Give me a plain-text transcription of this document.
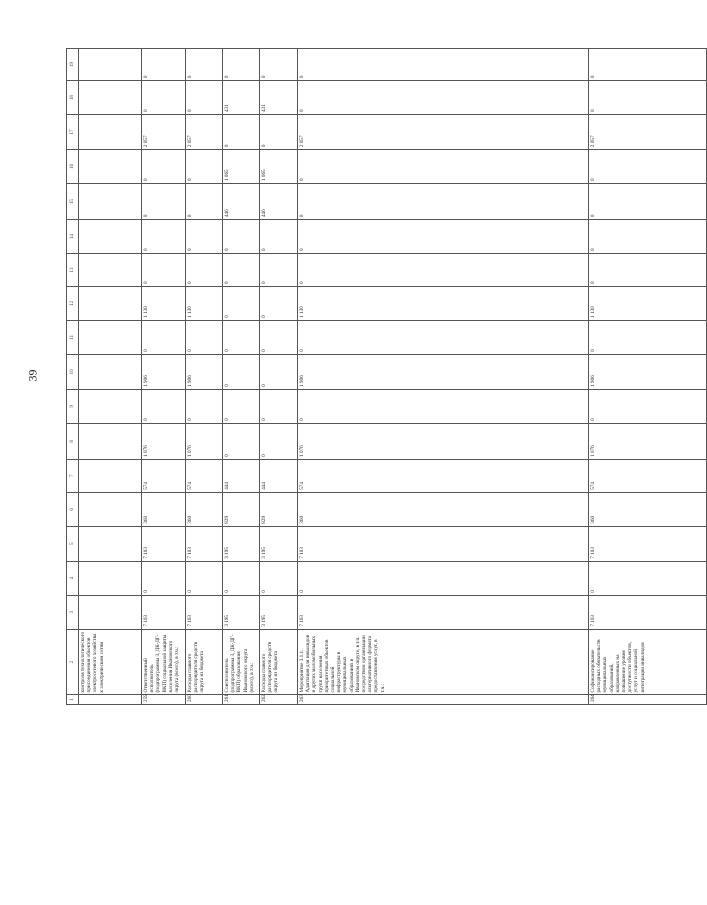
39
1	2	3	4	5	6	7	8	9	10	11	12	13	14	15	16	17	18	19
	контроля технологического присоединения объектов электросетевого хозяйства к электрическим сетям																	
259	Ответственный исполнитель (подпрограммы 3, ДК-ДГ-ВКП) социальной защиты населения Ивановского округа (всего), в т.ч.:	7 103	0	7 103	360	574	1 076	0	1 906	0	1 130	0	0	0	0	2 057	0	0
260	Расходы главного распорядителя средств округа из бюджета	7 103	0	7 103	360	574	1 076	0	1 906	0	1 130	0	0	0	0	2 057	0	0
261	Соисполнитель (подпрограммы 3, ДК-ДГ-ВКП) образования Ивановского округа (всего), в т.ч.:	3 195	0	3 195	829	444	0	0	0	0	0	0	0	446	1 065	0	431	0
262	Расходы главного распорядителя средств округа из бюджета	3 195	0	3 195	829	444	0	0	0	0	0	0	0	446	1 065	0	431	0
263	Мероприятие 3.1.1. Адаптация для инвалидов и других маломобильных групп населения приоритетных объектов социальной инфраструктуры в муниципальных образованиях в Ивановском округе, в т.ч. посредством организации альтернативного формата предоставления услуг, в т.ч.:	7 103	0	7 103	360	574	1 076	0	1 906	0	1 130	0	0	0	0	2 057	0	0
264	Софинансирование расходных обязательств муниципальных образований, направленных на повышение уровня доступности объектов, услуг и социальной интеграции инвалидов	7 103	0	7 103	360	574	1 076	0	1 906	0	1 130	0	0	0	0	2 057	0	0
